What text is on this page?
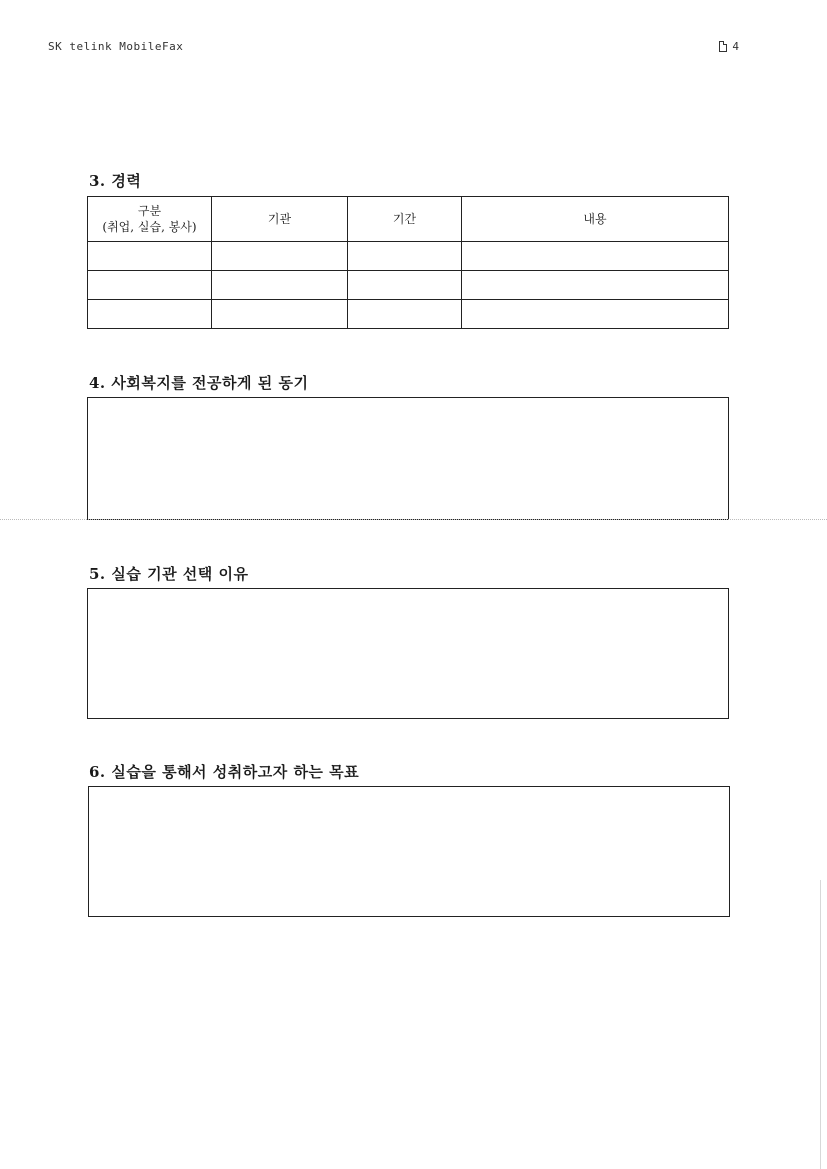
SK telink MobileFax	4
3. 경력
구분
(취업, 실습, 봉사)	기관	기간	내용

4. 사회복지를 전공하게 된 동기
5. 실습 기관 선택 이유
6. 실습을 통해서 성취하고자 하는 목표
